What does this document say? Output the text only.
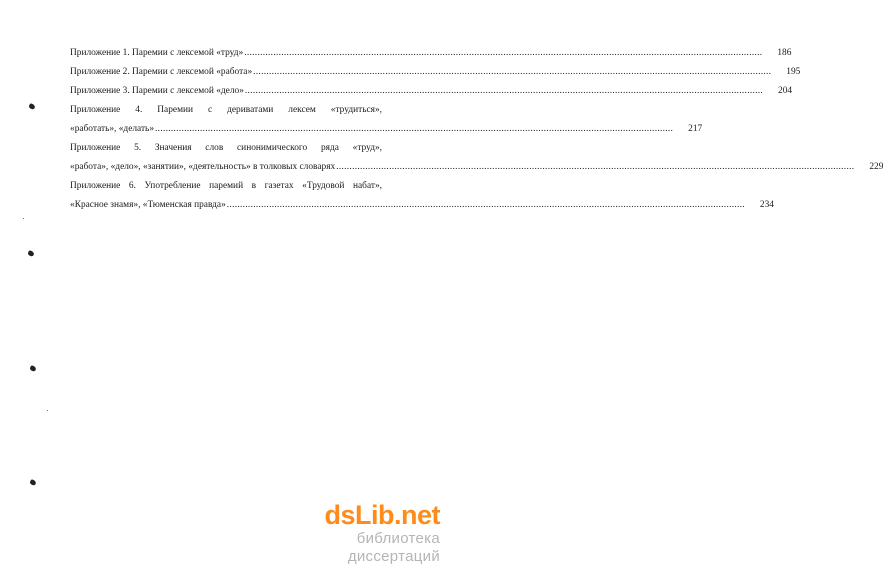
Приложение 1. Паремии с лексемой «труд» .....	186
Приложение 2. Паремии с лексемой «работа» .....	195
Приложение 3. Паремии с лексемой «дело» .....	204
Приложение 4. Паремии с дериватами лексем «трудиться»,
«работать», «делать» .....	217
Приложение 5. Значения слов синонимического ряда «труд»,
«работа», «дело», «занятии», «деятельность» в толковых словарях .....	229
Приложение 6. Употребление паремий в газетах «Трудовой набат»,
«Красное знамя», «Тюменская правда» .....	234
dsLib.net
библиотека диссертаций
